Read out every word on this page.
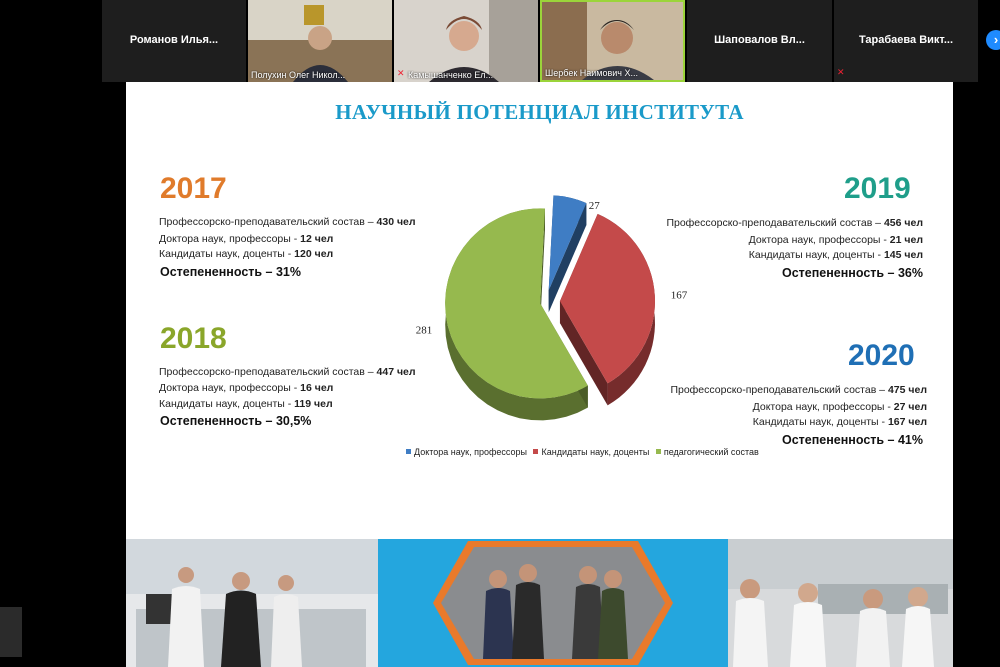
Романов Илья...
Полухин Олег Никол...	✕ Камышанченко Ел...	Шербек Наимович Х...
Шаповалов Вл...	Тарабаева Викт...
✕
›
НАУЧНЫЙ ПОТЕНЦИАЛ ИНСТИТУТА
2017
Профессорско-преподавательский состав – 430 чел
Доктора наук, профессоры - 12 чел
Кандидаты наук, доценты - 120 чел
Остепененность – 31%
2018
Профессорско-преподавательский состав – 447 чел
Доктора наук, профессоры - 16 чел
Кандидаты наук, доценты - 119 чел
Остепененность – 30,5%
2019
Профессорско-преподавательский состав – 456 чел
Доктора наук, профессоры - 21 чел
Кандидаты наук, доценты - 145 чел
Остепененность – 36%
2020
Профессорско-преподавательский состав – 475 чел
Доктора наук, профессоры - 27 чел
Кандидаты наук, доценты - 167 чел
Остепененность – 41%
27
167
281
Доктора наук, профессоры Кандидаты наук, доценты педагогический состав
